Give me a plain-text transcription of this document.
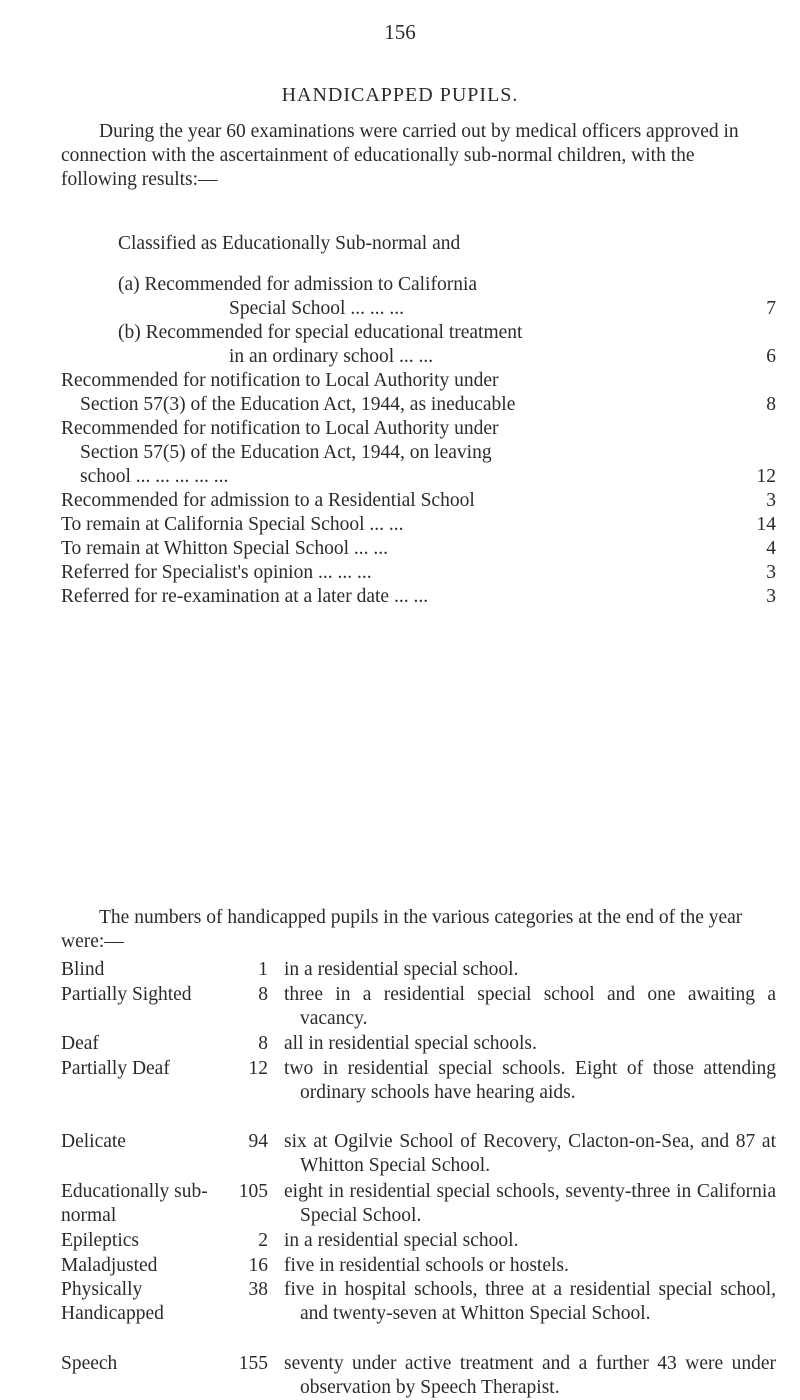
156
HANDICAPPED PUPILS.

During the year 60 examinations were carried out by medical officers approved in connection with the ascertainment of educationally sub-normal children, with the following results:—

Classified as Educationally Sub-normal and
(a) Recommended for admission to California
Special School ... ... ...	7
(b) Recommended for special educational treatment
in an ordinary school ... ...	6
Recommended for notification to Local Authority under
Section 57(3) of the Education Act, 1944, as ineducable	8
Recommended for notification to Local Authority under
Section 57(5) of the Education Act, 1944, on leaving
school ... ... ... ... ...	12
Recommended for admission to a Residential School	3
To remain at California Special School ... ...	14
To remain at Whitton Special School ... ...	4
Referred for Specialist's opinion ... ... ...	3
Referred for re-examination at a later date ... ...	3

The numbers of handicapped pupils in the various categories at the end of the year were:—

Blind	1 in a residential special school.
Partially Sighted	8 three in a residential special school and one awaiting a vacancy.
Deaf	8 all in residential special schools.
Partially Deaf	12 two in residential special schools. Eight of those attending ordinary schools have hearing aids.
Delicate	94 six at Ogilvie School of Recovery, Clacton-on-Sea, and 87 at Whitton Special School.
Educationally sub-normal
105 eight in residential special schools, seventy-three in California Special School.
Epileptics	2 in a residential special school.
Maladjusted	16 five in residential schools or hostels.
Physically Handicapped
38 five in hospital schools, three at a residential special school, and twenty-seven at Whitton Special School.
Speech	155 seventy under active treatment and a further 43 were under observation by Speech Therapist.
